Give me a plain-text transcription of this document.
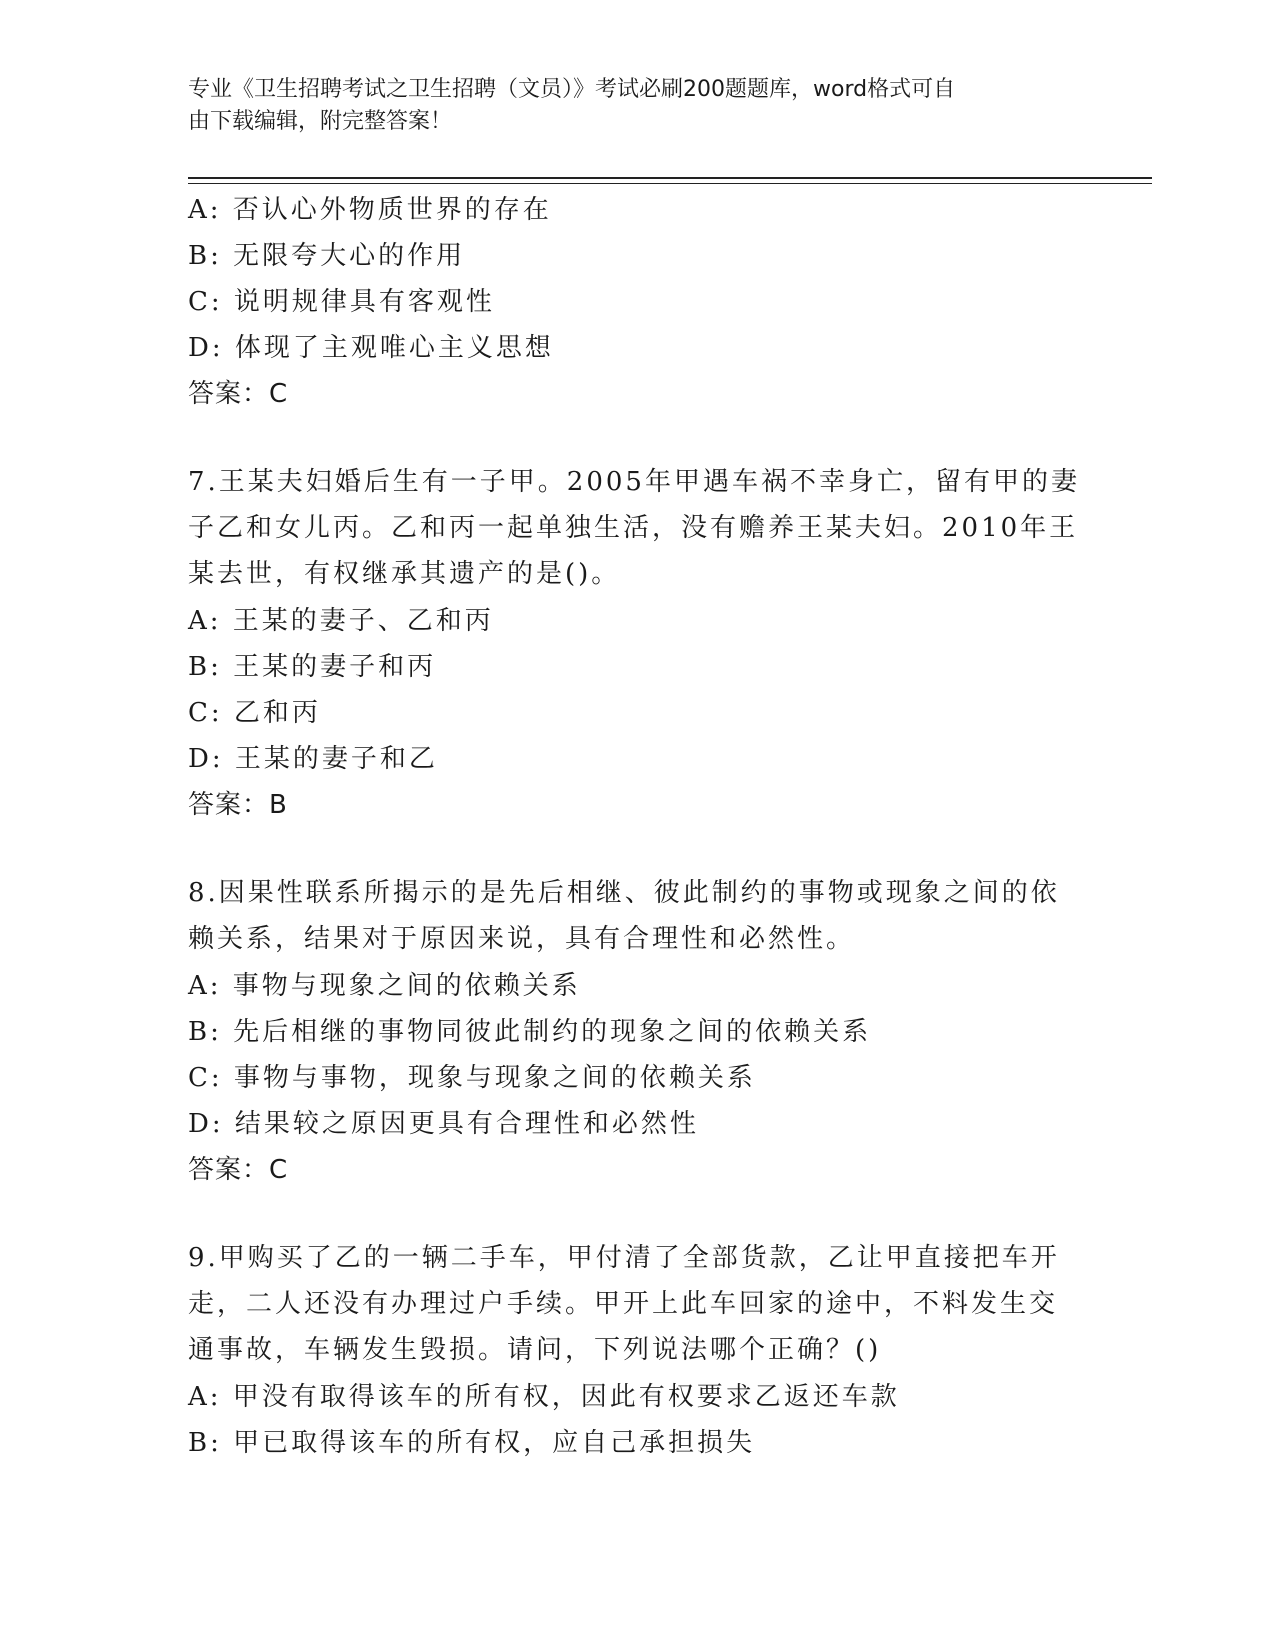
专业《卫生招聘考试之卫生招聘（文员）》考试必刷200题题库，word格式可自
由下载编辑，附完整答案！
A: 否认心外物质世界的存在
B: 无限夸大心的作用
C: 说明规律具有客观性
D: 体现了主观唯心主义思想
答案：C
7.王某夫妇婚后生有一子甲。2005年甲遇车祸不幸身亡，留有甲的妻
子乙和女儿丙。乙和丙一起单独生活，没有赡养王某夫妇。2010年王
某去世，有权继承其遗产的是()。
A: 王某的妻子、乙和丙
B: 王某的妻子和丙
C: 乙和丙
D: 王某的妻子和乙
答案：B
8.因果性联系所揭示的是先后相继、彼此制约的事物或现象之间的依
赖关系，结果对于原因来说，具有合理性和必然性。
A: 事物与现象之间的依赖关系
B: 先后相继的事物同彼此制约的现象之间的依赖关系
C: 事物与事物，现象与现象之间的依赖关系
D: 结果较之原因更具有合理性和必然性
答案：C
9.甲购买了乙的一辆二手车，甲付清了全部货款，乙让甲直接把车开
走，二人还没有办理过户手续。甲开上此车回家的途中，不料发生交
通事故，车辆发生毁损。请问，下列说法哪个正确？()
A: 甲没有取得该车的所有权，因此有权要求乙返还车款
B: 甲已取得该车的所有权，应自己承担损失
